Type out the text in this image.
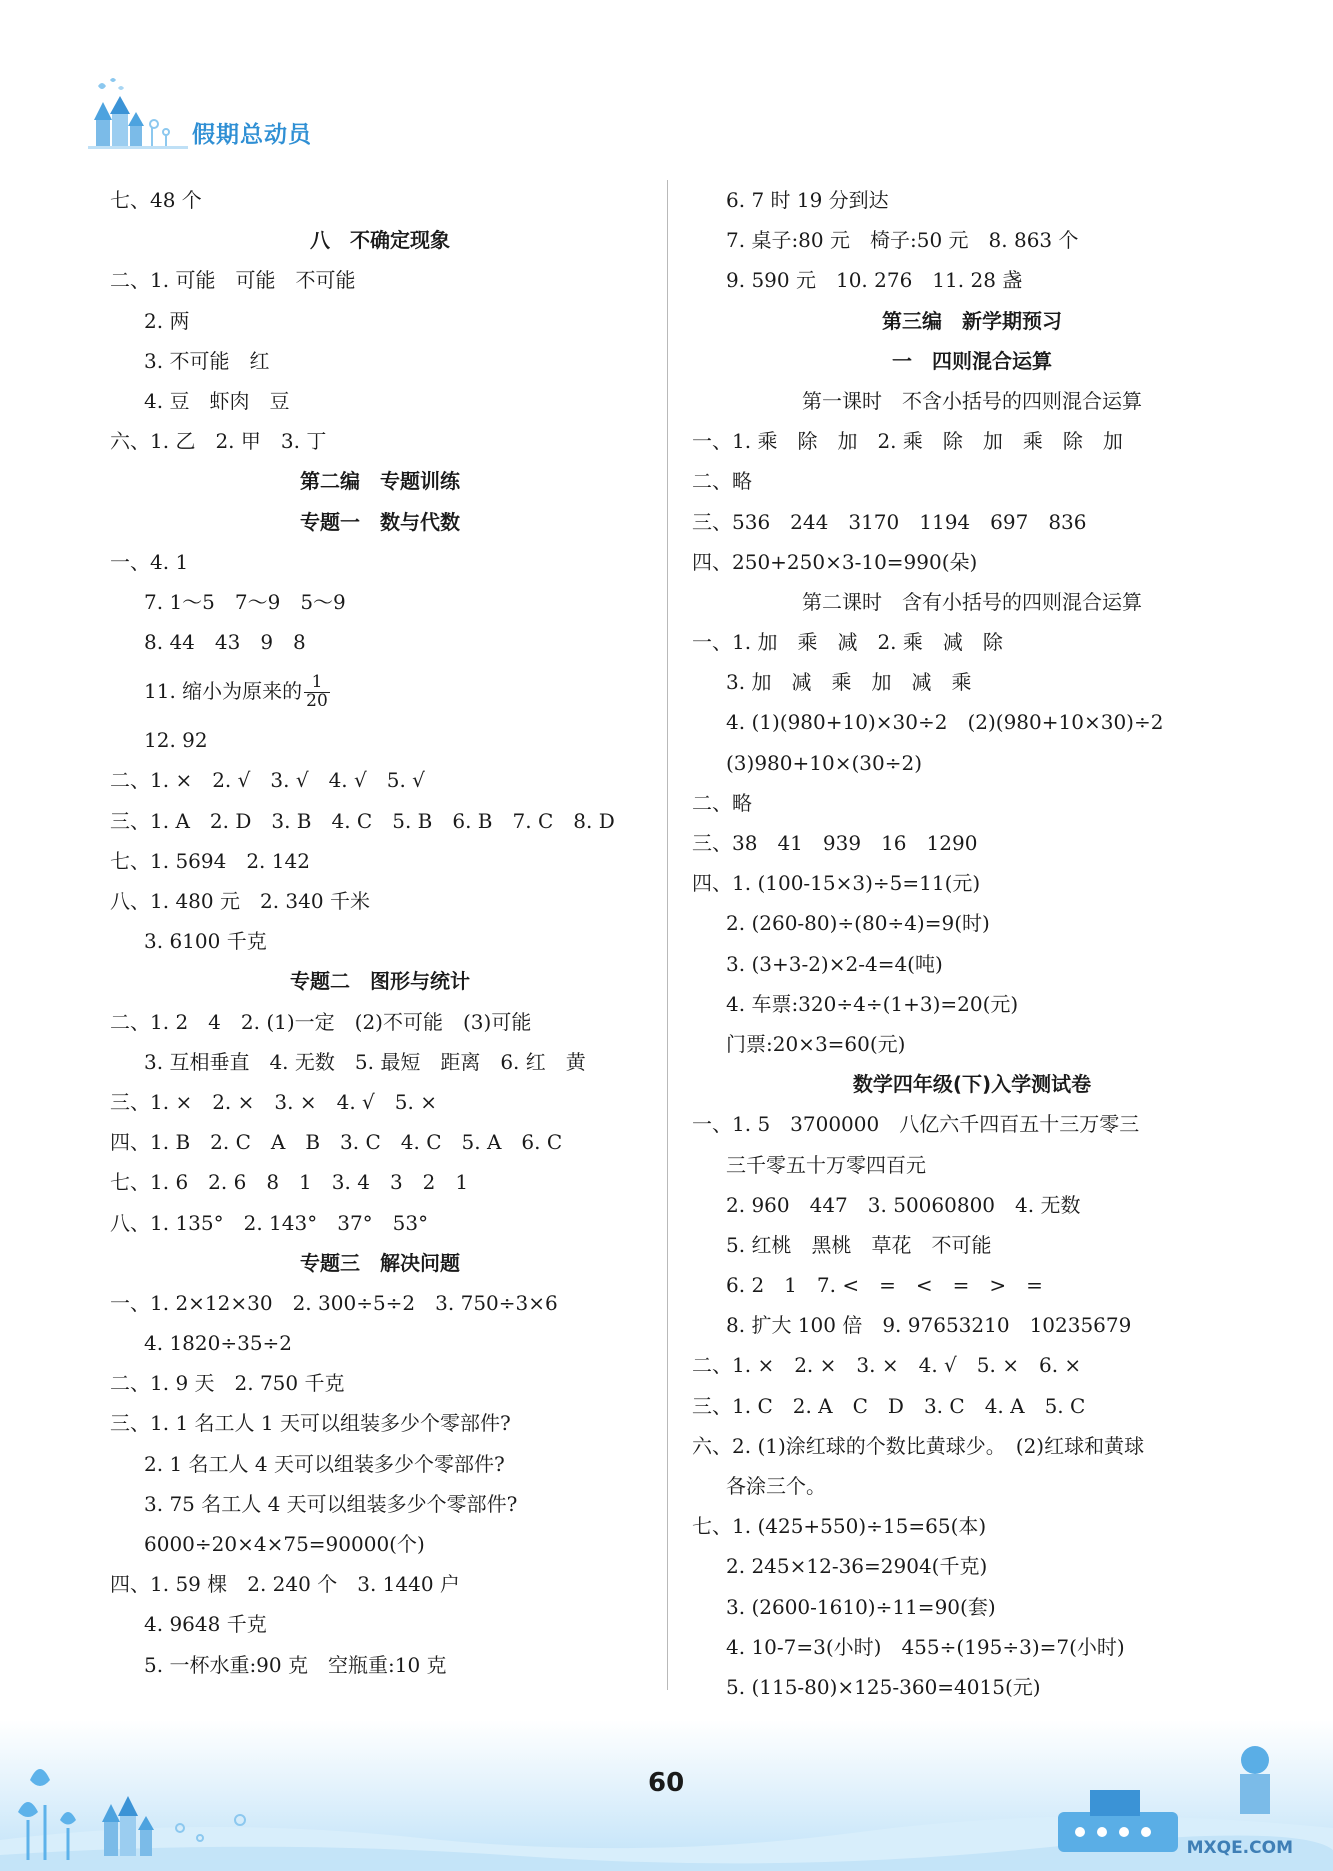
假期总动员
七、48 个
八　不确定现象
二、1. 可能　可能　不可能
2. 两
3. 不可能　红
4. 豆　虾肉　豆
六、1. 乙　2. 甲　3. 丁
第二编　专题训练
专题一　数与代数
一、4. 1
7. 1～5　7～9　5～9
8. 44　43　9　8
11. 缩小为原来的 $\frac{1}{20}$
12. 92
二、1. ×　2. √　3. √　4. √　5. √
三、1. A　2. D　3. B　4. C　5. B　6. B　7. C　8. D
七、1. 5694　2. 142
八、1. 480 元　2. 340 千米
3. 6100 千克
专题二　图形与统计
二、1. 2　4　2. (1)一定　(2)不可能　(3)可能
3. 互相垂直　4. 无数　5. 最短　距离　6. 红　黄
三、1. ×　2. ×　3. ×　4. √　5. ×
四、1. B　2. C　A　B　3. C　4. C　5. A　6. C
七、1. 6　2. 6　8　1　3. 4　3　2　1
八、1. 135°　2. 143°　37°　53°
专题三　解决问题
一、1. 2×12×30　2. 300÷5÷2　3. 750÷3×6
4. 1820÷35÷2
二、1. 9 天　2. 750 千克
三、1. 1 名工人 1 天可以组装多少个零部件?
2. 1 名工人 4 天可以组装多少个零部件?
3. 75 名工人 4 天可以组装多少个零部件?
6000÷20×4×75=90000(个)
四、1. 59 棵　2. 240 个　3. 1440 户
4. 9648 千克
5. 一杯水重:90 克　空瓶重:10 克
6. 7 时 19 分到达
7. 桌子:80 元　椅子:50 元　8. 863 个
9. 590 元　10. 276　11. 28 盏
第三编　新学期预习
一　四则混合运算
第一课时　不含小括号的四则混合运算
一、1. 乘　除　加　2. 乘　除　加　乘　除　加
二、略
三、536　244　3170　1194　697　836
四、250+250×3-10=990(朵)
第二课时　含有小括号的四则混合运算
一、1. 加　乘　减　2. 乘　减　除
3. 加　减　乘　加　减　乘
4. (1)(980+10)×30÷2　(2)(980+10×30)÷2
(3)980+10×(30÷2)
二、略
三、38　41　939　16　1290
四、1. (100-15×3)÷5=11(元)
2. (260-80)÷(80÷4)=9(时)
3. (3+3-2)×2-4=4(吨)
4. 车票:320÷4÷(1+3)=20(元)
门票:20×3=60(元)
数学四年级(下)入学测试卷
一、1. 5　3700000　八亿六千四百五十三万零三
三千零五十万零四百元
2. 960　447　3. 50060800　4. 无数
5. 红桃　黑桃　草花　不可能
6. 2　1　7. <　=　<　=　>　=
8. 扩大 100 倍　9. 97653210　10235679
二、1. ×　2. ×　3. ×　4. √　5. ×　6. ×
三、1. C　2. A　C　D　3. C　4. A　5. C
六、2. (1)涂红球的个数比黄球少。　(2)红球和黄球
各涂三个。
七、1. (425+550)÷15=65(本)
2. 245×12-36=2904(千克)
3. (2600-1610)÷11=90(套)
4. 10-7=3(小时)　455÷(195÷3)=7(小时)
5. (115-80)×125-360=4015(元)
60
MXQE.COM
